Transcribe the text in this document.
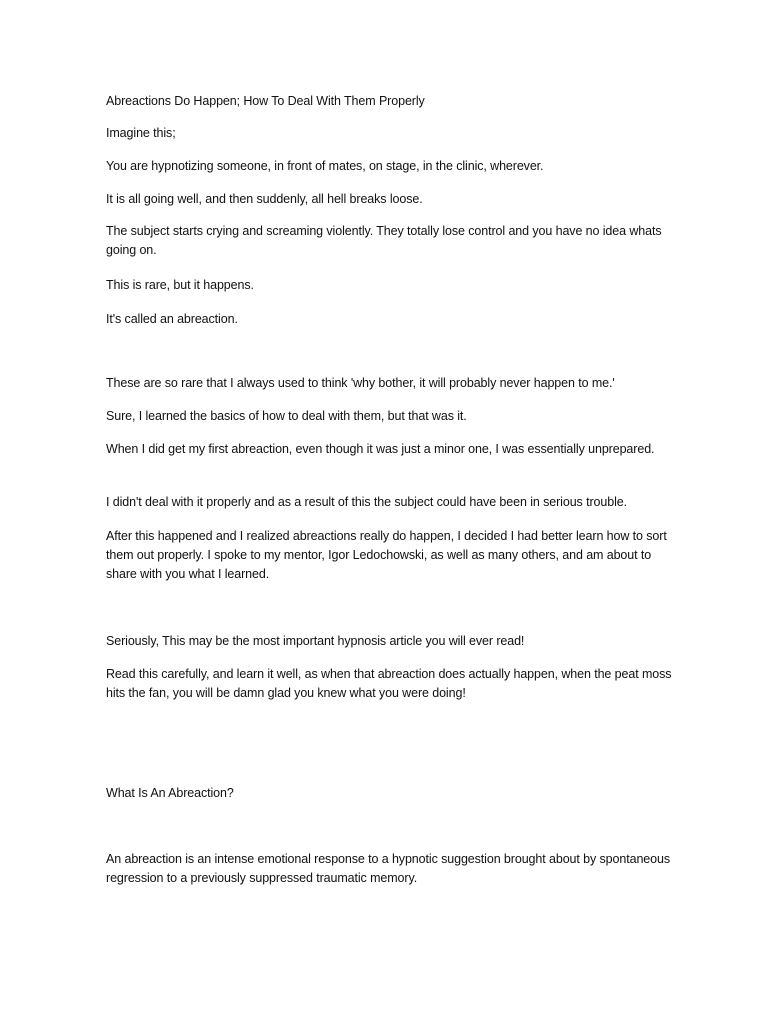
Abreactions Do Happen; How To Deal With Them Properly

Imagine this;

You are hypnotizing someone, in front of mates, on stage, in the clinic, wherever.

It is all going well, and then suddenly, all hell breaks loose.

The subject starts crying and screaming violently. They totally lose control and you have no idea whats going on.

This is rare, but it happens.

It's called an abreaction.

These are so rare that I always used to think 'why bother, it will probably never happen to me.'

Sure, I learned the basics of how to deal with them, but that was it.

When I did get my first abreaction, even though it was just a minor one, I was essentially unprepared.

I didn't deal with it properly and as a result of this the subject could have been in serious trouble.

After this happened and I realized abreactions really do happen, I decided I had better learn how to sort them out properly. I spoke to my mentor, Igor Ledochowski, as well as many others, and am about to share with you what I learned.

Seriously, This may be the most important hypnosis article you will ever read!

Read this carefully, and learn it well, as when that abreaction does actually happen, when the peat moss hits the fan, you will be damn glad you knew what you were doing!

What Is An Abreaction?

An abreaction is an intense emotional response to a hypnotic suggestion brought about by spontaneous regression to a previously suppressed traumatic memory.
